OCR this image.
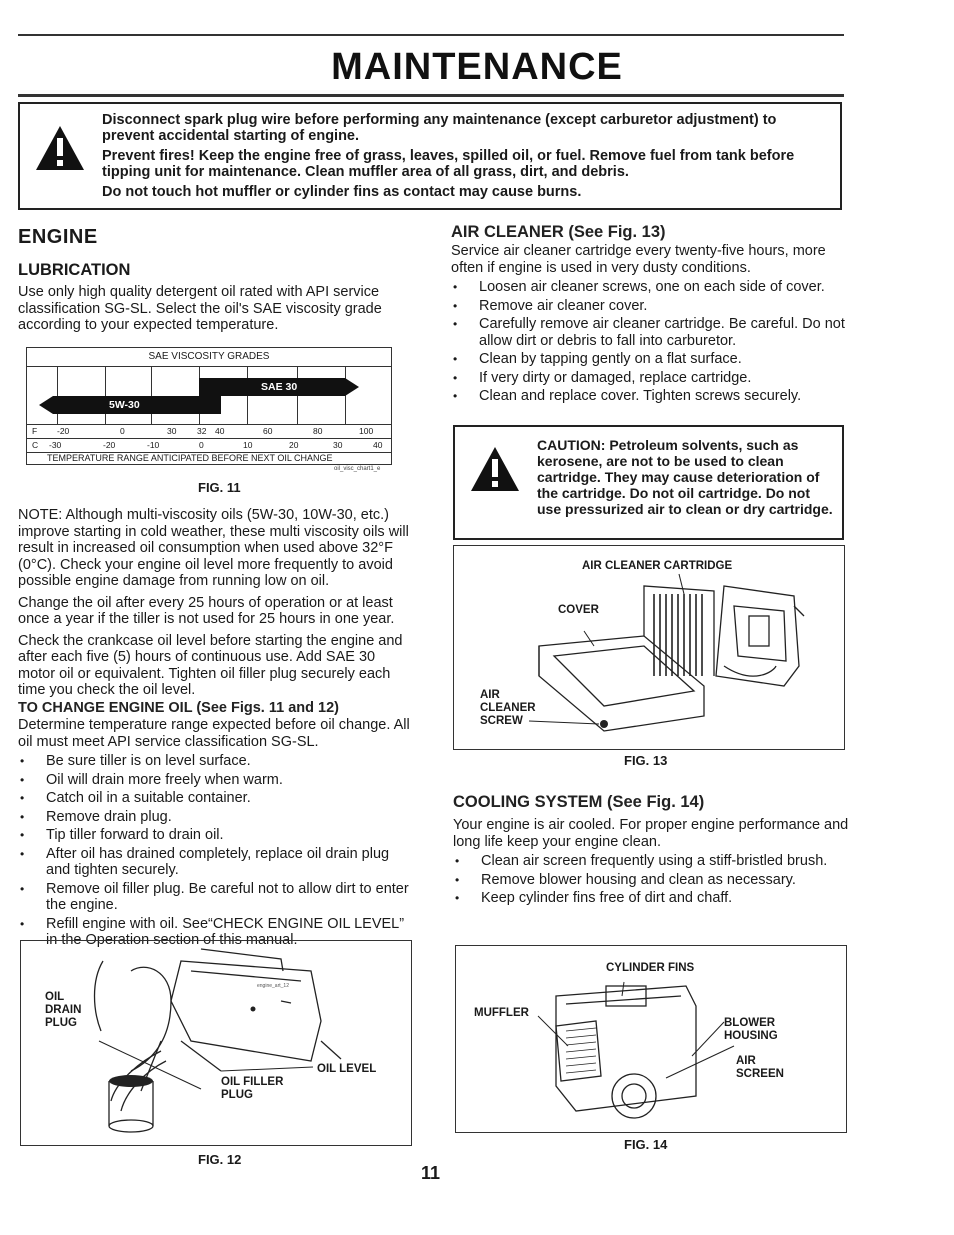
MAINTENANCE

Disconnect spark plug wire before performing any maintenance (except carburetor adjustment) to prevent accidental starting of engine.

Prevent fires! Keep the engine free of grass, leaves, spilled oil, or fuel. Remove fuel from tank before tipping unit for maintenance. Clean muffler area of all grass, dirt, and debris.

Do not touch hot muffler or cylinder fins as contact may cause burns.

ENGINE
LUBRICATION
Use only high quality detergent oil rated with API service classification SG-SL. Select the oil's SAE viscosity grade according to your expected temperature.
SAE VISCOSITY GRADES
SAE 30
5W-30
F -20	0	30 32 40	60	80	100
C -30	-20	-10	0	10	20	30	40
TEMPERATURE RANGE ANTICIPATED BEFORE NEXT OIL CHANGE
oil_visc_chart1_e
FIG. 11

NOTE: Although multi-viscosity oils (5W-30, 10W-30, etc.) improve starting in cold weather, these multi viscosity oils will result in increased oil consumption when used above 32°F (0°C). Check your engine oil level more frequently to avoid possible engine damage from running low on oil.

Change the oil after every 25 hours of operation or at least once a year if the tiller is not used for 25 hours in one year.

Check the crankcase oil level before starting the engine and after each five (5) hours of continuous use. Add SAE 30 motor oil or equivalent. Tighten oil filler plug securely each time you check the oil level.

TO CHANGE ENGINE OIL (See Figs. 11 and 12)

Determine temperature range expected before oil change. All oil must meet API service classification SG-SL.

• Be sure tiller is on level surface.
• Oil will drain more freely when warm.
• Catch oil in a suitable container.
• Remove drain plug.
• Tip tiller forward to drain oil.
• After oil has drained completely, replace oil drain plug and tighten securely.
• Remove oil filler plug. Be careful not to allow dirt to enter the engine.
• Refill engine with oil. See“CHECK ENGINE OIL LEVEL” in the Operation section of this manual.
engine_art_12
OIL
DRAIN
PLUG
OIL FILLER
PLUG
OIL LEVEL
FIG. 12
11
AIR CLEANER (See Fig. 13)

Service air cleaner cartridge every twenty-five hours, more often if engine is used in very dusty conditions.

• Loosen air cleaner screws, one on each side of cover.
• Remove air cleaner cover.
• Carefully remove air cleaner cartridge. Be careful. Do not allow dirt or debris to fall into carburetor.
• Clean by tapping gently on a flat surface.
• If very dirty or damaged, replace cartridge.
• Clean and replace cover. Tighten screws securely.
CAUTION: Petroleum solvents, such as kerosene, are not to be used to clean cartridge. They may cause deterioration of the cartridge. Do not oil cartridge. Do not use pressurized air to clean or dry cartridge.
AIR CLEANER CARTRIDGE
COVER
AIR
CLEANER
SCREW
FIG. 13
COOLING SYSTEM (See Fig. 14)

Your engine is air cooled. For proper engine performance and long life keep your engine clean.

• Clean air screen frequently using a stiff-bristled brush.
• Remove blower housing and clean as necessary.
• Keep cylinder fins free of dirt and chaff.
CYLINDER FINS
MUFFLER
BLOWER
HOUSING
AIR
SCREEN
FIG. 14
